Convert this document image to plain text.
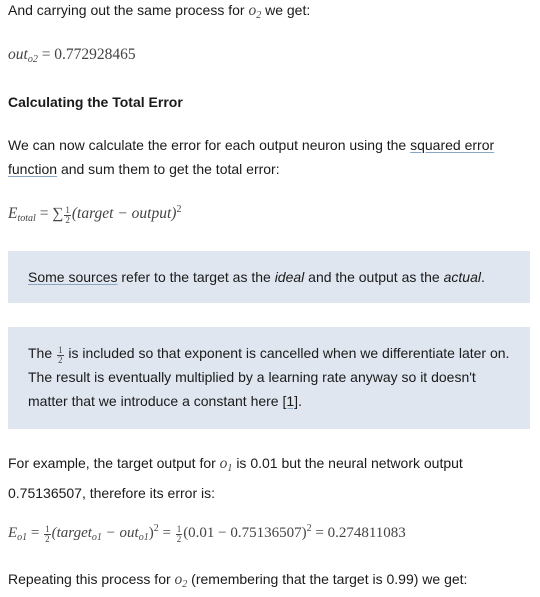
And carrying out the same process for $o_2$ we get:
out$_{o2}$ = 0.772928465
Calculating the Total Error
We can now calculate the error for each output neuron using the squared error function and sum them to get the total error:
$E_{total}$ = ∑ $\frac{1}{2}$ (target − output)$^2$

Some sources refer to the target as the ideal and the output as the actual.

The $\frac{1}{2}$ is included so that exponent is cancelled when we differentiate later on. The result is eventually multiplied by a learning rate anyway so it doesn't matter that we introduce a constant here [1].

For example, the target output for $o_1$ is 0.01 but the neural network output 0.75136507, therefore its error is:
$E_{o1} = \frac{1}{2}$ (target$_{o1}$ − $out_{o1})^2 = \frac{1}{2} (0.01 - 0.75136507)^2 = 0.274811083$
Repeating this process for $o_2$ (remembering that the target is 0.99) we get:
